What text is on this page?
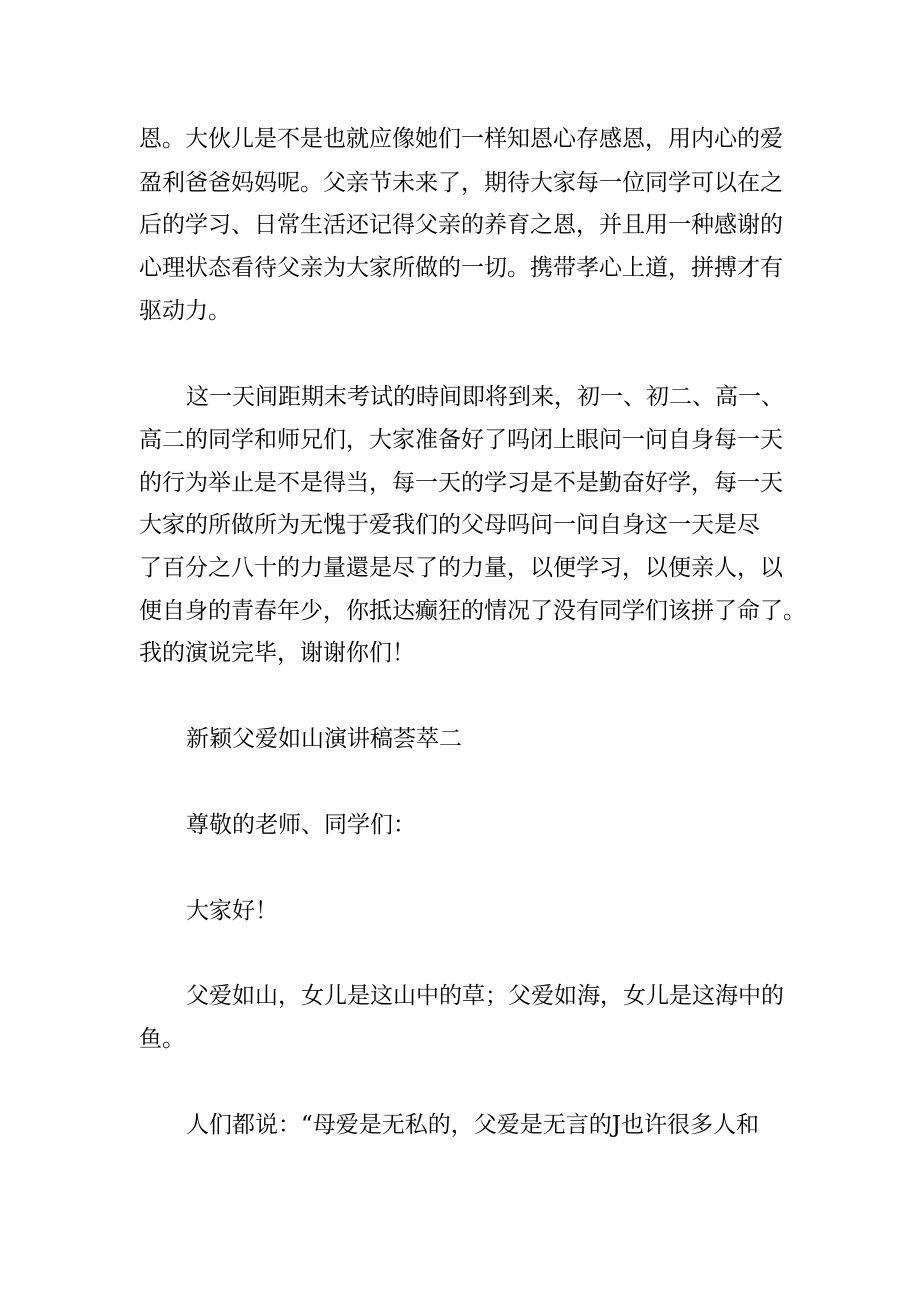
恩。大伙儿是不是也就应像她们一样知恩心存感恩，用内心的爱
盈利爸爸妈妈呢。父亲节未来了，期待大家每一位同学可以在之
后的学习、日常生活还记得父亲的养育之恩，并且用一种感谢的
心理状态看待父亲为大家所做的一切。携带孝心上道，拼搏才有
驱动力。
这一天间距期末考试的時间即将到来，初一、初二、高一、
高二的同学和师兄们，大家准备好了吗闭上眼问一问自身每一天
的行为举止是不是得当，每一天的学习是不是勤奋好学，每一天
大家的所做所为无愧于爱我们的父母吗问一问自身这一天是尽
了百分之八十的力量還是尽了的力量，以便学习，以便亲人，以
便自身的青春年少，你抵达癫狂的情况了没有同学们该拼了命了。
我的演说完毕，谢谢你们！
新颖父爱如山演讲稿荟萃二
尊敬的老师、同学们：
大家好！
父爱如山，女儿是这山中的草；父爱如海，女儿是这海中的
鱼。
人们都说：“母爱是无私的，父爱是无言的J也许很多人和
